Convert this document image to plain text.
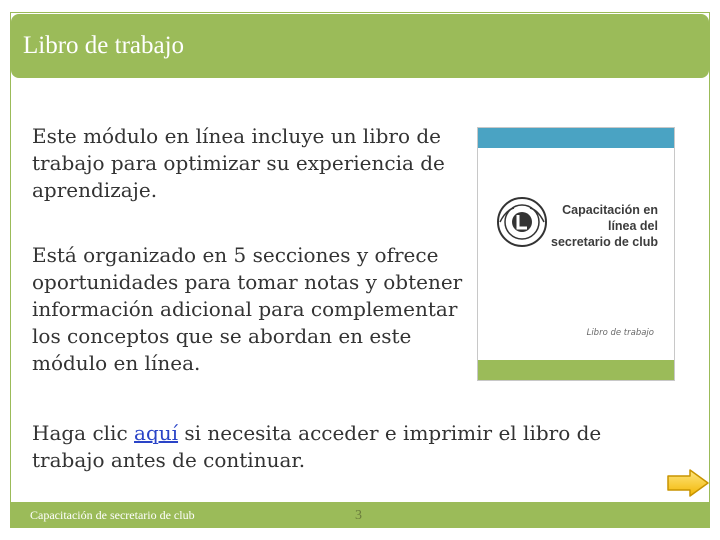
Libro de trabajo

Este módulo en línea incluye un libro de trabajo para optimizar su experiencia de aprendizaje.

Está organizado en 5 secciones y ofrece oportunidades para tomar notas y obtener información adicional para complementar los conceptos que se abordan en este módulo en línea.

Haga clic aquí si necesita acceder e imprimir el libro de trabajo antes de continuar.

Capacitación en línea del secretario de club
Libro de trabajo
Capacitación de secretario de club	3
